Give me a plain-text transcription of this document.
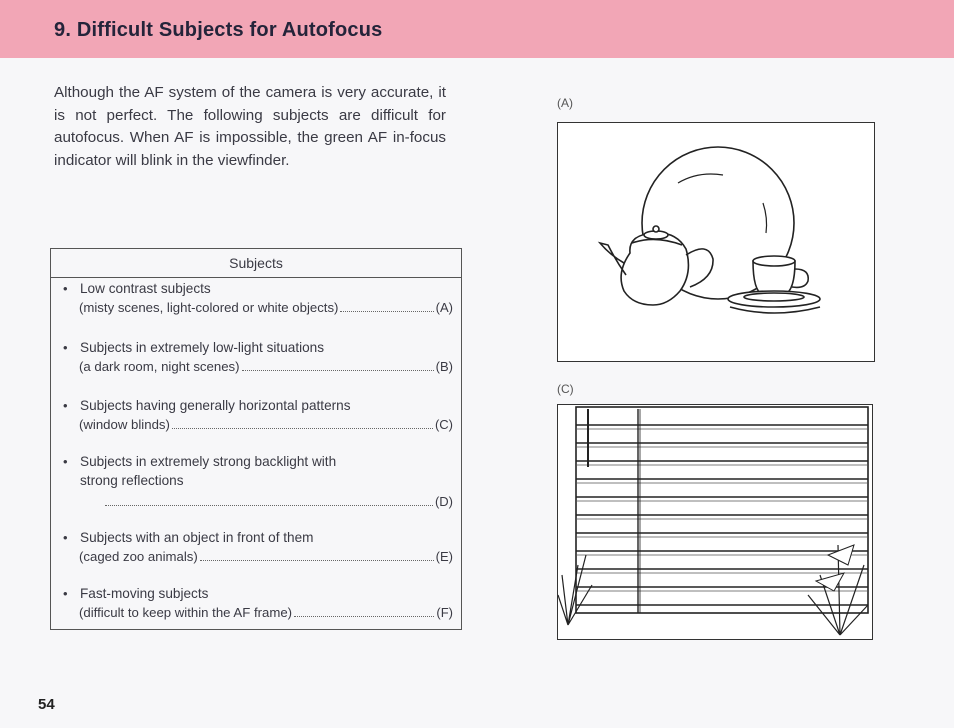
9. Difficult Subjects for Autofocus
Although the AF system of the camera is very accurate, it is not perfect. The following subjects are difficult for autofocus. When AF is impossible, the green AF in-focus indicator will blink in the viewfinder.
Subjects
• Low contrast subjects
(misty scenes, light-colored or white objects)	(A)
• Subjects in extremely low-light situations
(a dark room, night scenes)	(B)
• Subjects having generally horizontal patterns
(window blinds)	(C)
• Subjects in extremely strong backlight with
strong reflections
(D)
• Subjects with an object in front of them
(caged zoo animals)	(E)
• Fast-moving subjects
(difficult to keep within the AF frame)	(F)
(A)
(C)
54
